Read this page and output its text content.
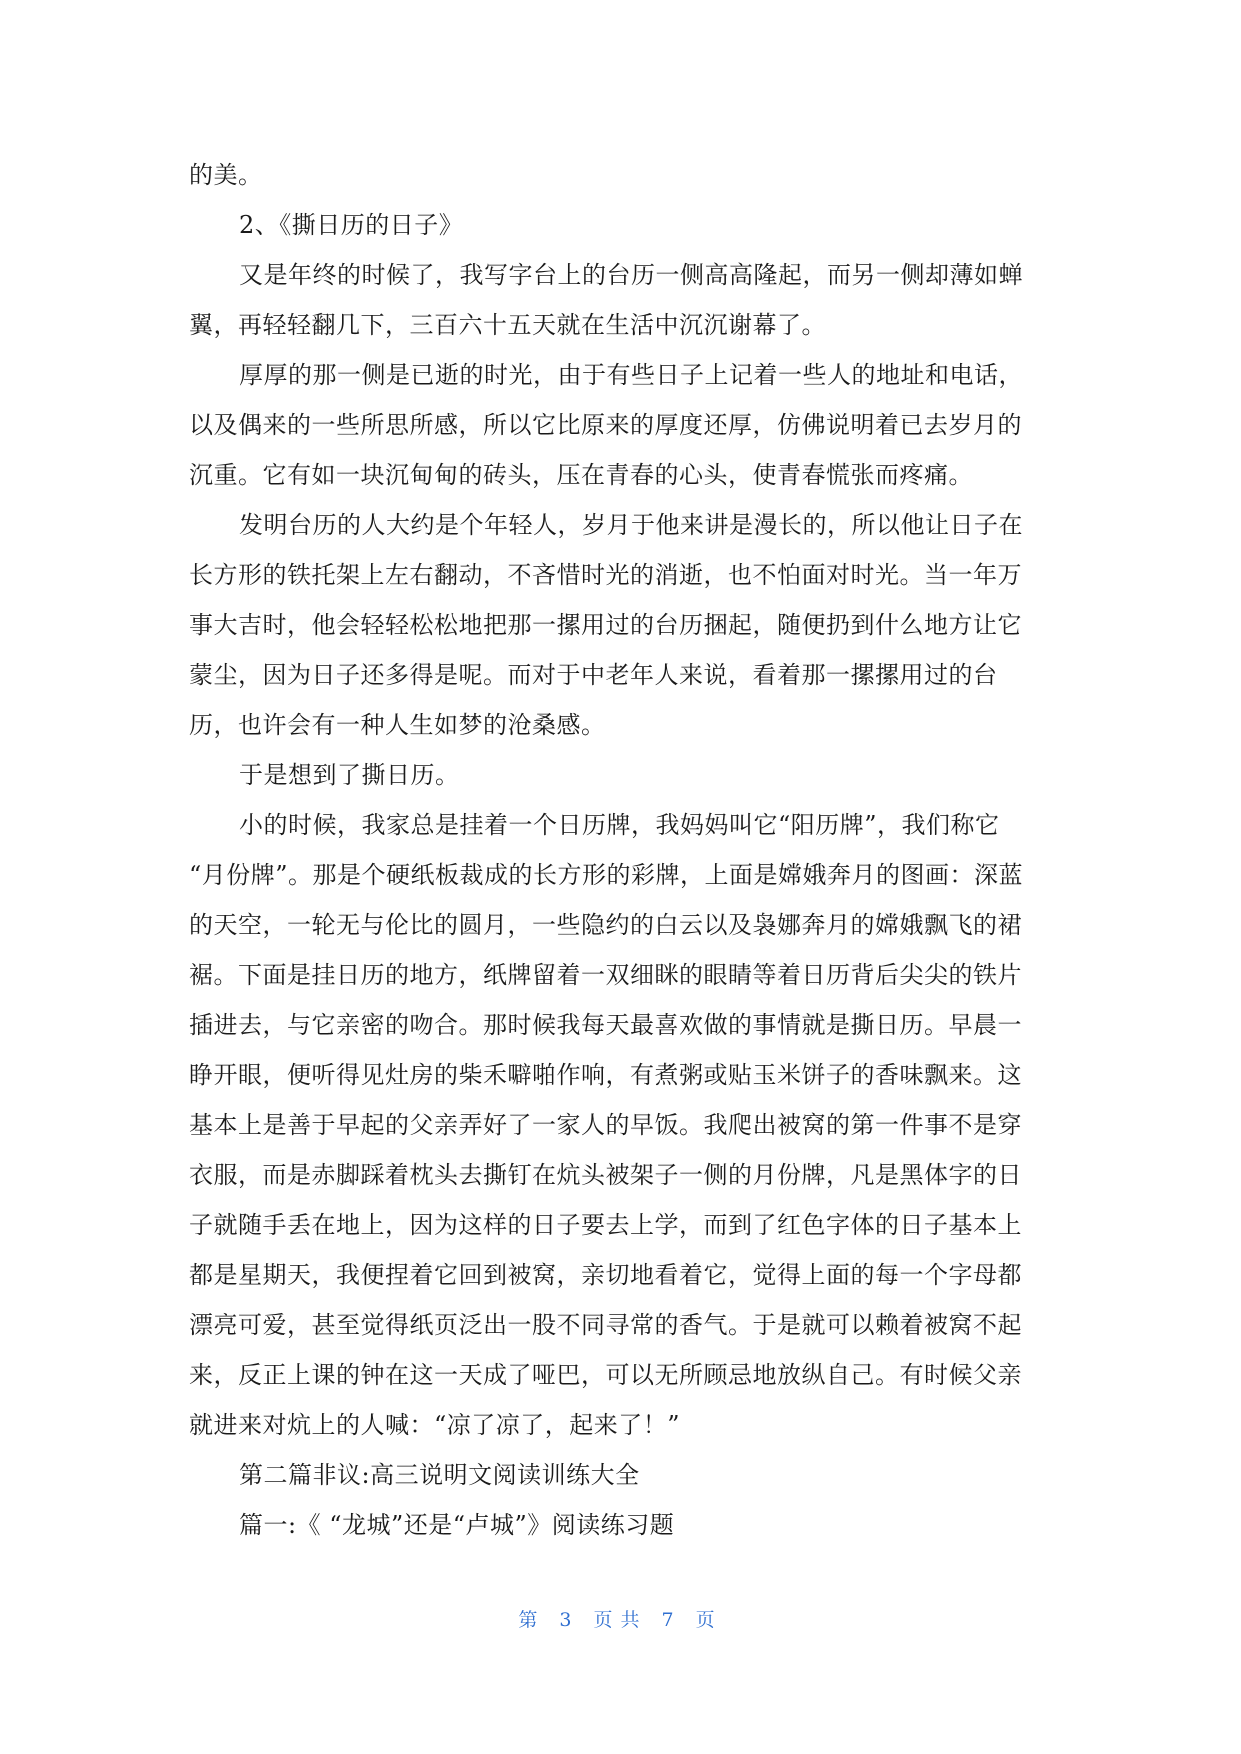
的美。
2、《撕日历的日子》
又是年终的时候了，我写字台上的台历一侧高高隆起，而另一侧却薄如蝉
翼，再轻轻翻几下，三百六十五天就在生活中沉沉谢幕了。
厚厚的那一侧是已逝的时光，由于有些日子上记着一些人的地址和电话，
以及偶来的一些所思所感，所以它比原来的厚度还厚，仿佛说明着已去岁月的
沉重。它有如一块沉甸甸的砖头，压在青春的心头，使青春慌张而疼痛。
发明台历的人大约是个年轻人，岁月于他来讲是漫长的，所以他让日子在
长方形的铁托架上左右翻动，不吝惜时光的消逝，也不怕面对时光。当一年万
事大吉时，他会轻轻松松地把那一摞用过的台历捆起，随便扔到什么地方让它
蒙尘，因为日子还多得是呢。而对于中老年人来说，看着那一摞摞用过的台
历，也许会有一种人生如梦的沧桑感。
于是想到了撕日历。
小的时候，我家总是挂着一个日历牌，我妈妈叫它“阳历牌”，我们称它
“月份牌”。那是个硬纸板裁成的长方形的彩牌，上面是嫦娥奔月的图画：深蓝
的天空，一轮无与伦比的圆月，一些隐约的白云以及袅娜奔月的嫦娥飘飞的裙
裾。下面是挂日历的地方，纸牌留着一双细眯的眼睛等着日历背后尖尖的铁片
插进去，与它亲密的吻合。那时候我每天最喜欢做的事情就是撕日历。早晨一
睁开眼，便听得见灶房的柴禾噼啪作响，有煮粥或贴玉米饼子的香味飘来。这
基本上是善于早起的父亲弄好了一家人的早饭。我爬出被窝的第一件事不是穿
衣服，而是赤脚踩着枕头去撕钉在炕头被架子一侧的月份牌，凡是黑体字的日
子就随手丢在地上，因为这样的日子要去上学，而到了红色字体的日子基本上
都是星期天，我便捏着它回到被窝，亲切地看着它，觉得上面的每一个字母都
漂亮可爱，甚至觉得纸页泛出一股不同寻常的香气。于是就可以赖着被窝不起
来，反正上课的钟在这一天成了哑巴，可以无所顾忌地放纵自己。有时候父亲
就进来对炕上的人喊：“凉了凉了，起来了！”
第二篇非议:高三说明文阅读训练大全
篇一:《 “龙城”还是“卢城”》阅读练习题
第 3 页共 7 页
